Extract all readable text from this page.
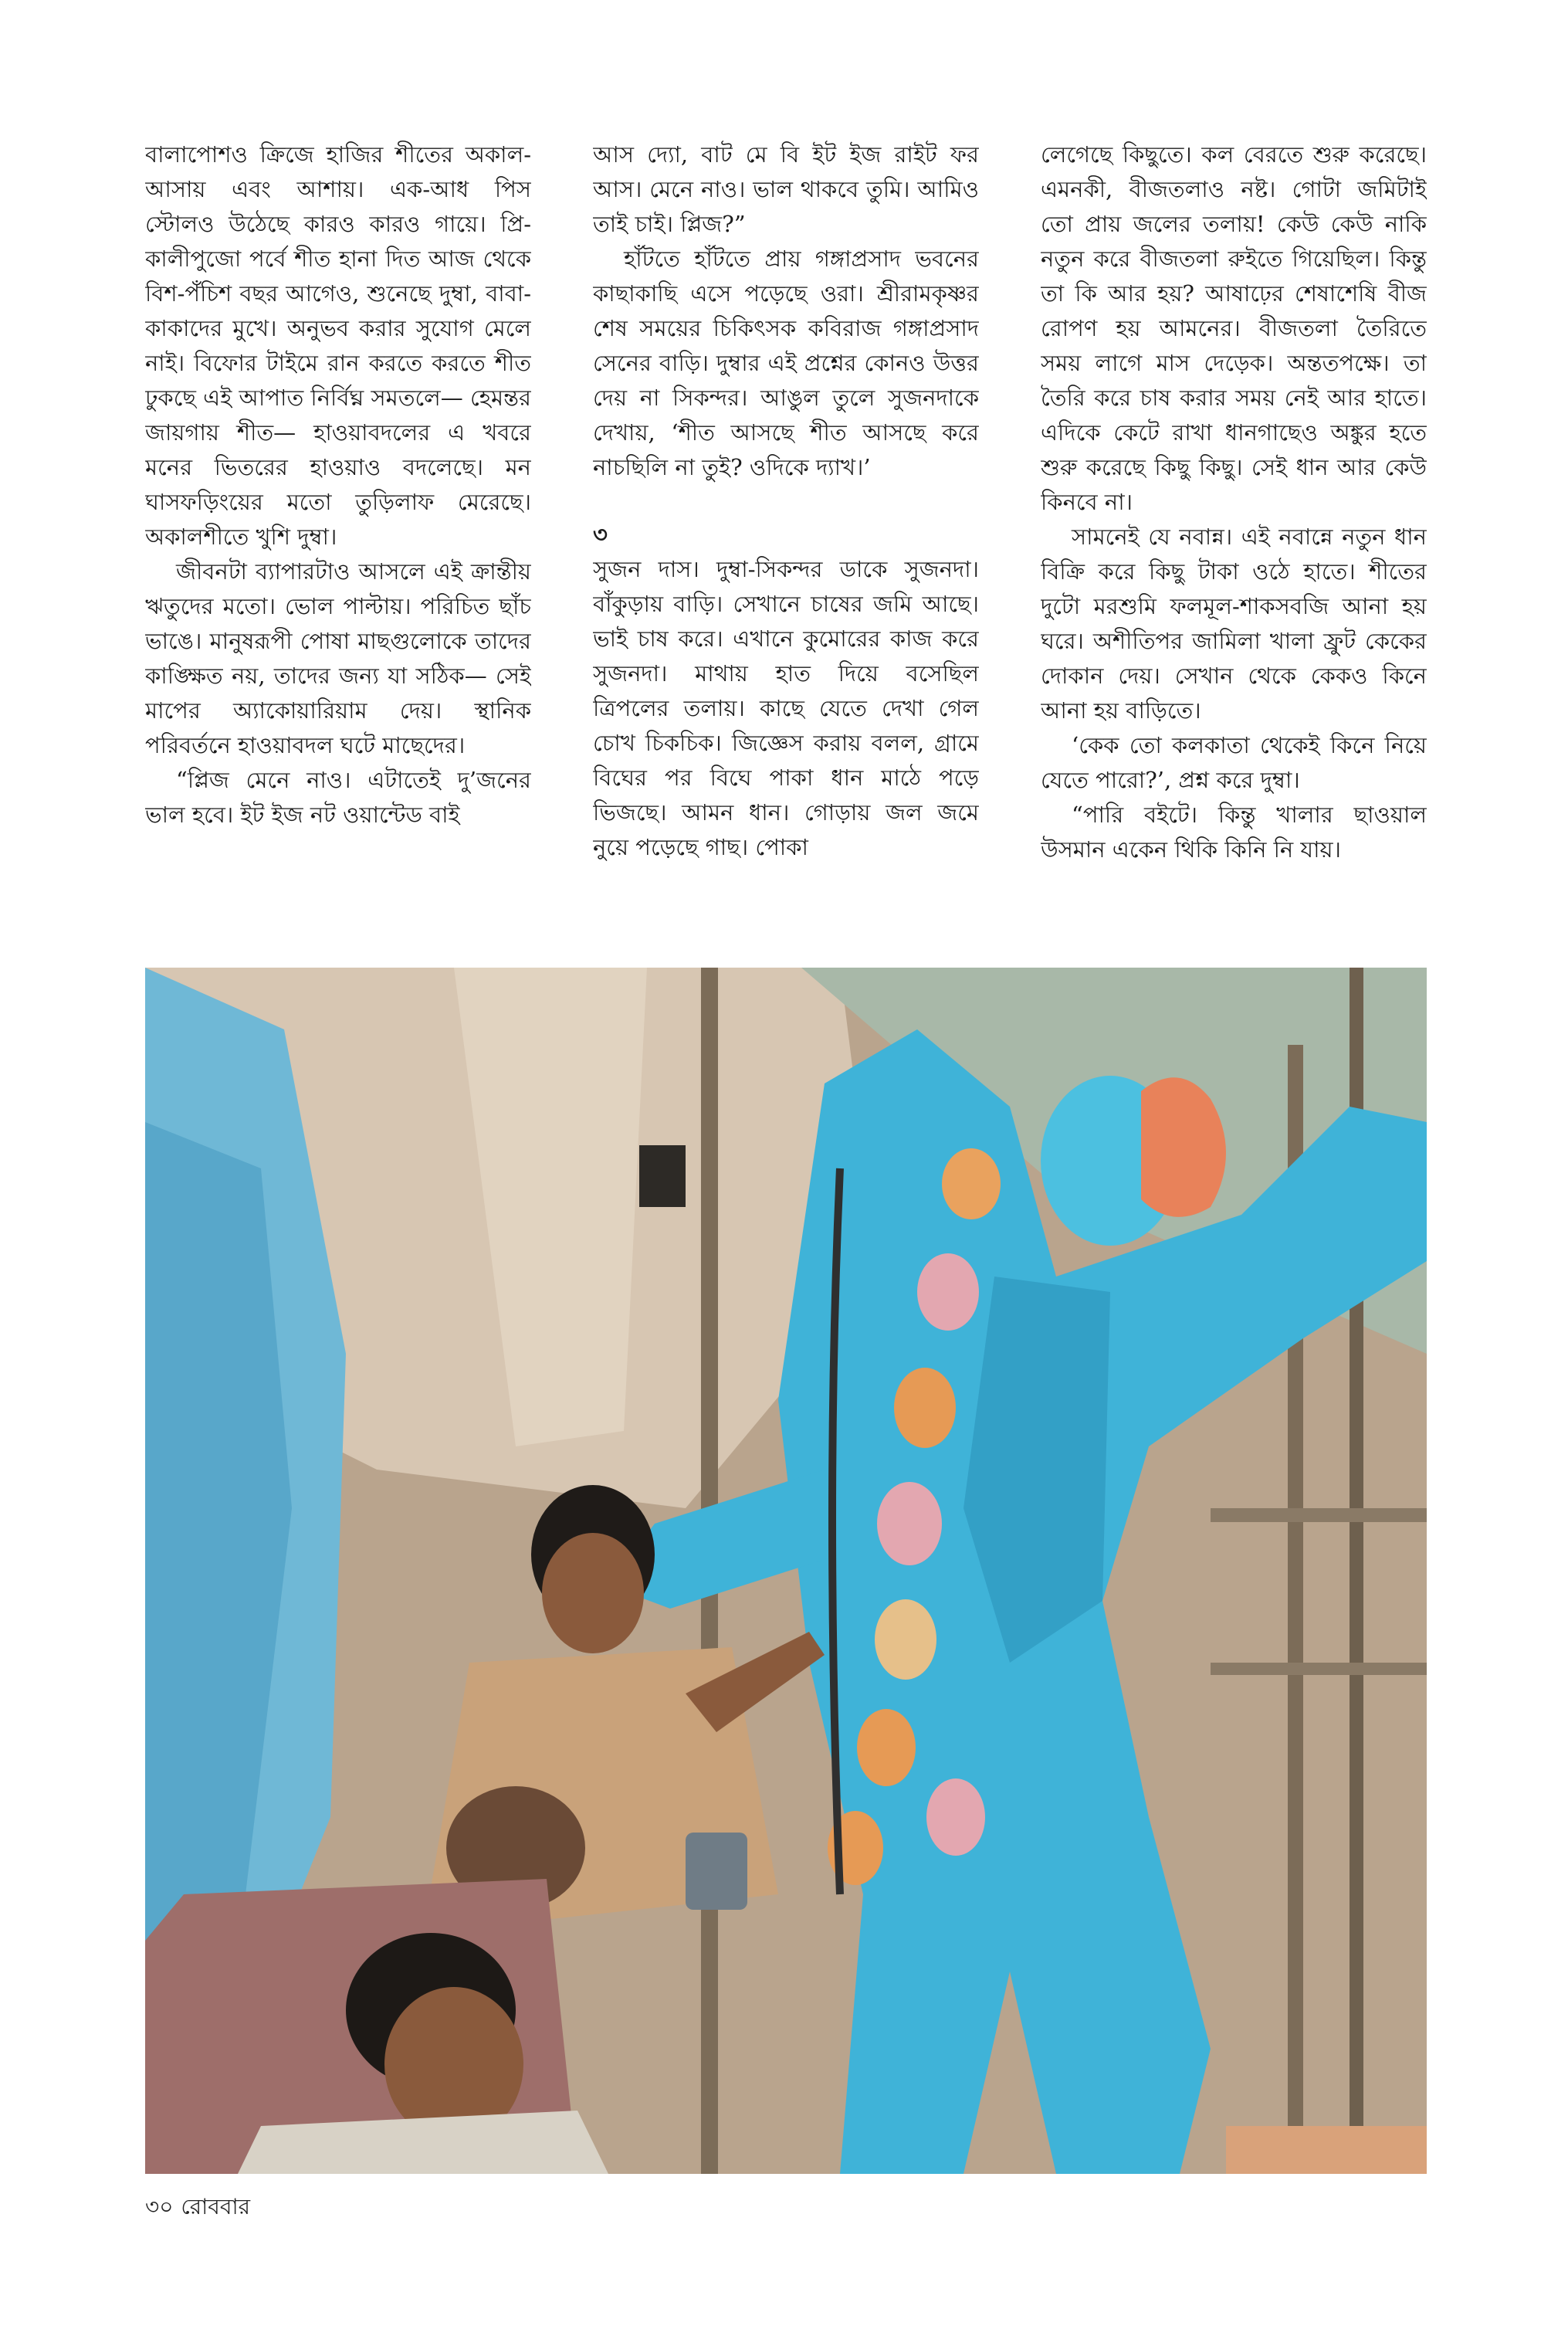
বালাপোশও ক্রিজে হাজির শীতের অকাল-আসায় এবং আশায়। এক-আধ পিস স্টোলও উঠেছে কারও কারও গায়ে। প্রি-কালীপুজো পর্বে শীত হানা দিত আজ থেকে বিশ-পঁচিশ বছর আগেও, শুনেছে দুম্বা, বাবা-কাকাদের মুখে। অনুভব করার সুযোগ মেলে নাই। বিফোর টাইমে রান করতে করতে শীত ঢুকছে এই আপাত নির্বিঘ্ন সমতলে— হেমন্তর জায়গায় শীত— হাওয়াবদলের এ খবরে মনের ভিতরের হাওয়াও বদলেছে। মন ঘাসফড়িংয়ের মতো তুড়িলাফ মেরেছে। অকালশীতে খুশি দুম্বা।

জীবনটা ব্যাপারটাও আসলে এই ক্রান্তীয় ঋতুদের মতো। ভোল পাল্টায়। পরিচিত ছাঁচ ভাঙে। মানুষরূপী পোষা মাছগুলোকে তাদের কাঙ্ক্ষিত নয়, তাদের জন্য যা সঠিক— সেই মাপের অ্যাকোয়ারিয়াম দেয়। স্থানিক পরিবর্তনে হাওয়াবদল ঘটে মাছেদের।

“প্লিজ মেনে নাও। এটাতেই দু’জনের ভাল হবে। ইট ইজ নট ওয়ান্টেড বাই

আস দ্যো, বাট মে বি ইট ইজ রাইট ফর আস। মেনে নাও। ভাল থাকবে তুমি। আমিও তাই চাই। প্লিজ?”

হাঁটতে হাঁটতে প্রায় গঙ্গাপ্রসাদ ভবনের কাছাকাছি এসে পড়েছে ওরা। শ্রীরামকৃষ্ণর শেষ সময়ের চিকিৎসক কবিরাজ গঙ্গাপ্রসাদ সেনের বাড়ি। দুম্বার এই প্রশ্নের কোনও উত্তর দেয় না সিকন্দর। আঙুল তুলে সুজনদাকে দেখায়, ‘শীত আসছে শীত আসছে করে নাচছিলি না তুই? ওদিকে দ্যাখ।’

৩

সুজন দাস। দুম্বা-সিকন্দর ডাকে সুজনদা। বাঁকুড়ায় বাড়ি। সেখানে চাষের জমি আছে। ভাই চাষ করে। এখানে কুমোরের কাজ করে সুজনদা। মাথায় হাত দিয়ে বসেছিল ত্রিপলের তলায়। কাছে যেতে দেখা গেল চোখ চিকচিক। জিজ্ঞেস করায় বলল, গ্রামে বিঘের পর বিঘে পাকা ধান মাঠে পড়ে ভিজছে। আমন ধান। গোড়ায় জল জমে নুয়ে পড়েছে গাছ। পোকা

লেগেছে কিছুতে। কল বেরতে শুরু করেছে। এমনকী, বীজতলাও নষ্ট। গোটা জমিটাই তো প্রায় জলের তলায়! কেউ কেউ নাকি নতুন করে বীজতলা রুইতে গিয়েছিল। কিন্তু তা কি আর হয়? আষাঢ়ের শেষাশেষি বীজ রোপণ হয় আমনের। বীজতলা তৈরিতে সময় লাগে মাস দেড়েক। অন্ততপক্ষে। তা তৈরি করে চাষ করার সময় নেই আর হাতে। এদিকে কেটে রাখা ধানগাছেও অঙ্কুর হতে শুরু করেছে কিছু কিছু। সেই ধান আর কেউ কিনবে না।

সামনেই যে নবান্ন। এই নবান্নে নতুন ধান বিক্রি করে কিছু টাকা ওঠে হাতে। শীতের দুটো মরশুমি ফলমূল-শাকসবজি আনা হয় ঘরে। অশীতিপর জামিলা খালা ফ্রুট কেকের দোকান দেয়। সেখান থেকে কেকও কিনে আনা হয় বাড়িতে।

‘কেক তো কলকাতা থেকেই কিনে নিয়ে যেতে পারো?’, প্রশ্ন করে দুম্বা।

“পারি বইটে। কিন্তু খালার ছাওয়াল উসমান একেন থিকি কিনি নি যায়।

৩০ রোববার
